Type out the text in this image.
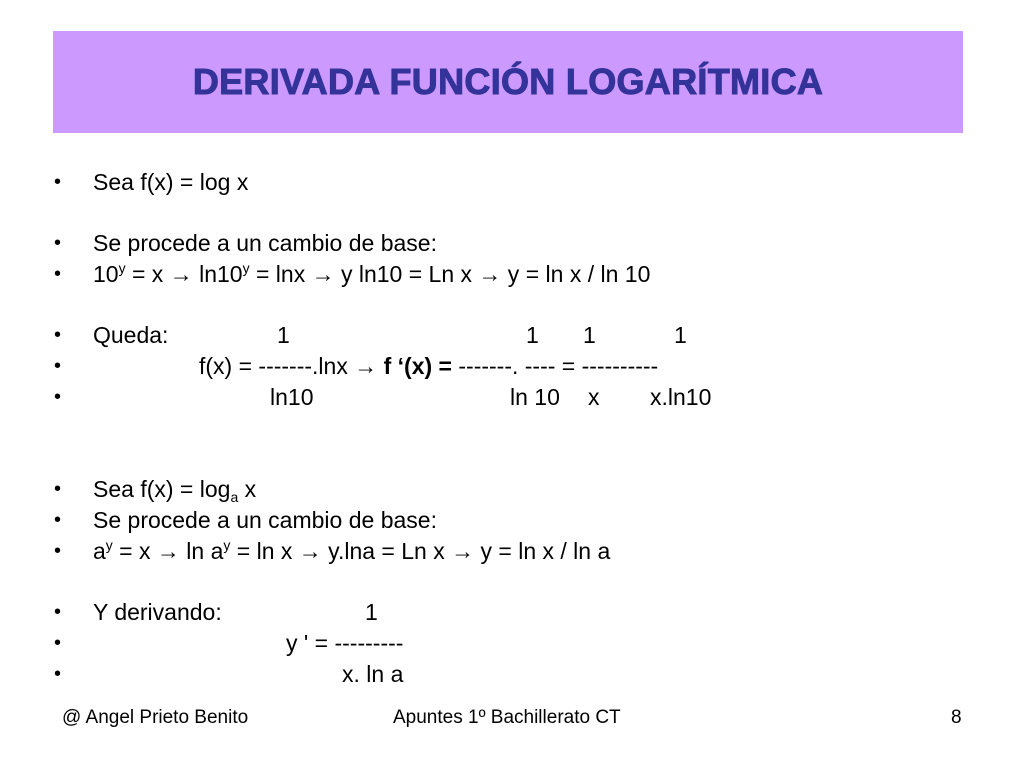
DERIVADA FUNCIÓN LOGARÍTMICA
• Sea f(x) = log x
• Se procede a un cambio de base:
• $10^y = x \to \ln 10^y = \ln x \to y$ ln10 = Ln x → y = ln x / ln 10
• Queda:	1	1 1	1
•	f(x) = -------.lnx → f ‘(x) = -------. ---- = ----------
•	ln10	ln 10 x x.ln10
• Sea $f(x) = \log_a x$
• Se procede a un cambio de base:
• $a^y = x \to \ln a^y = \ln x \to y.\ln a = Ln$ x → y = ln x / ln a
• Y derivando:	1
•	y ' = ---------
•	x. ln a
@ Angel Prieto Benito	Apuntes 1º Bachillerato CT	8
